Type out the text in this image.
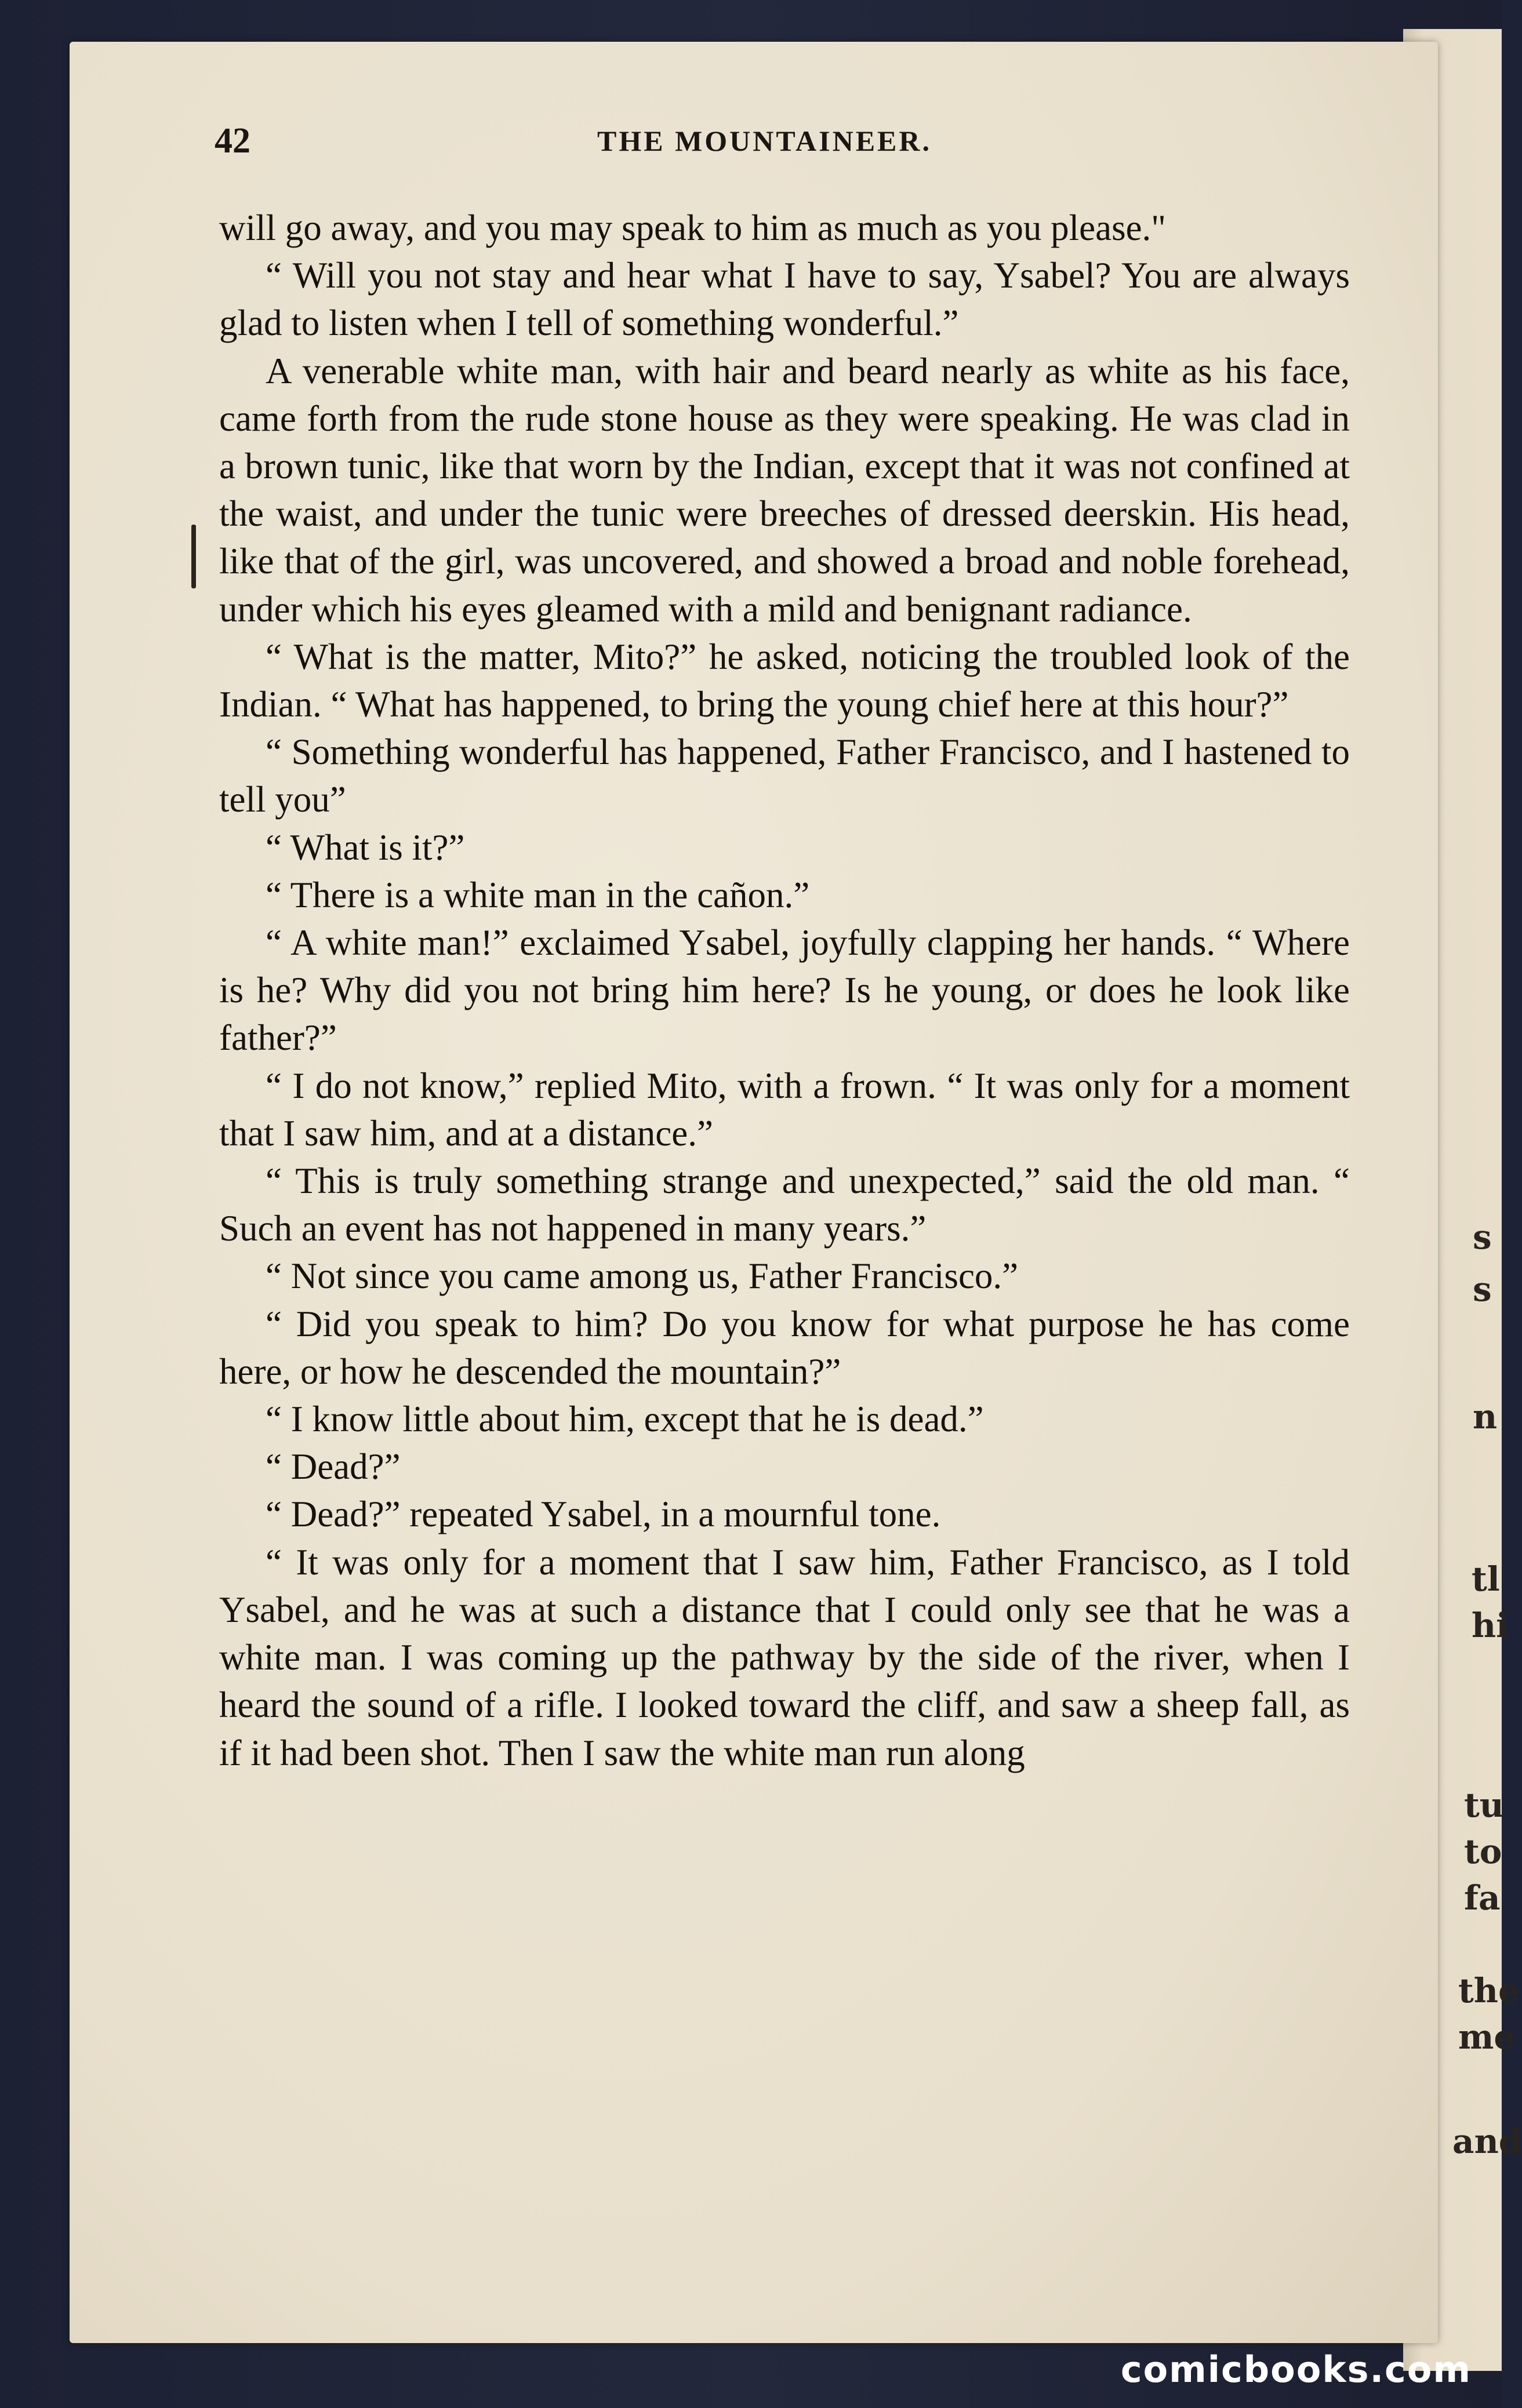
s
s
n
tl
hi
tu
to
fa
the
me
and
42	THE MOUNTAINEER.

will go away, and you may speak to him as much as you please."

“ Will you not stay and hear what I have to say, Ysabel? You are always glad to listen when I tell of something wonderful.”

A venerable white man, with hair and beard nearly as white as his face, came forth from the rude stone house as they were speaking. He was clad in a brown tunic, like that worn by the Indian, except that it was not confined at the waist, and under the tunic were breeches of dressed deerskin. His head, like that of the girl, was uncovered, and showed a broad and noble forehead, under which his eyes gleamed with a mild and benignant radiance.

“ What is the matter, Mito?” he asked, noticing the troubled look of the Indian. “ What has happened, to bring the young chief here at this hour?”

“ Something wonderful has happened, Father Francisco, and I hastened to tell you”

“ What is it?”

“ There is a white man in the cañon.”

“ A white man!” exclaimed Ysabel, joyfully clapping her hands. “ Where is he? Why did you not bring him here? Is he young, or does he look like father?”

“ I do not know,” replied Mito, with a frown. “ It was only for a moment that I saw him, and at a distance.”

“ This is truly something strange and unexpected,” said the old man. “ Such an event has not happened in many years.”

“ Not since you came among us, Father Francisco.”

“ Did you speak to him? Do you know for what purpose he has come here, or how he descended the mountain?”

“ I know little about him, except that he is dead.”

“ Dead?”

“ Dead?” repeated Ysabel, in a mournful tone.

“ It was only for a moment that I saw him, Father Francisco, as I told Ysabel, and he was at such a distance that I could only see that he was a white man. I was coming up the pathway by the side of the river, when I heard the sound of a rifle. I looked toward the cliff, and saw a sheep fall, as if it had been shot. Then I saw the white man run along

comicbooks.com
